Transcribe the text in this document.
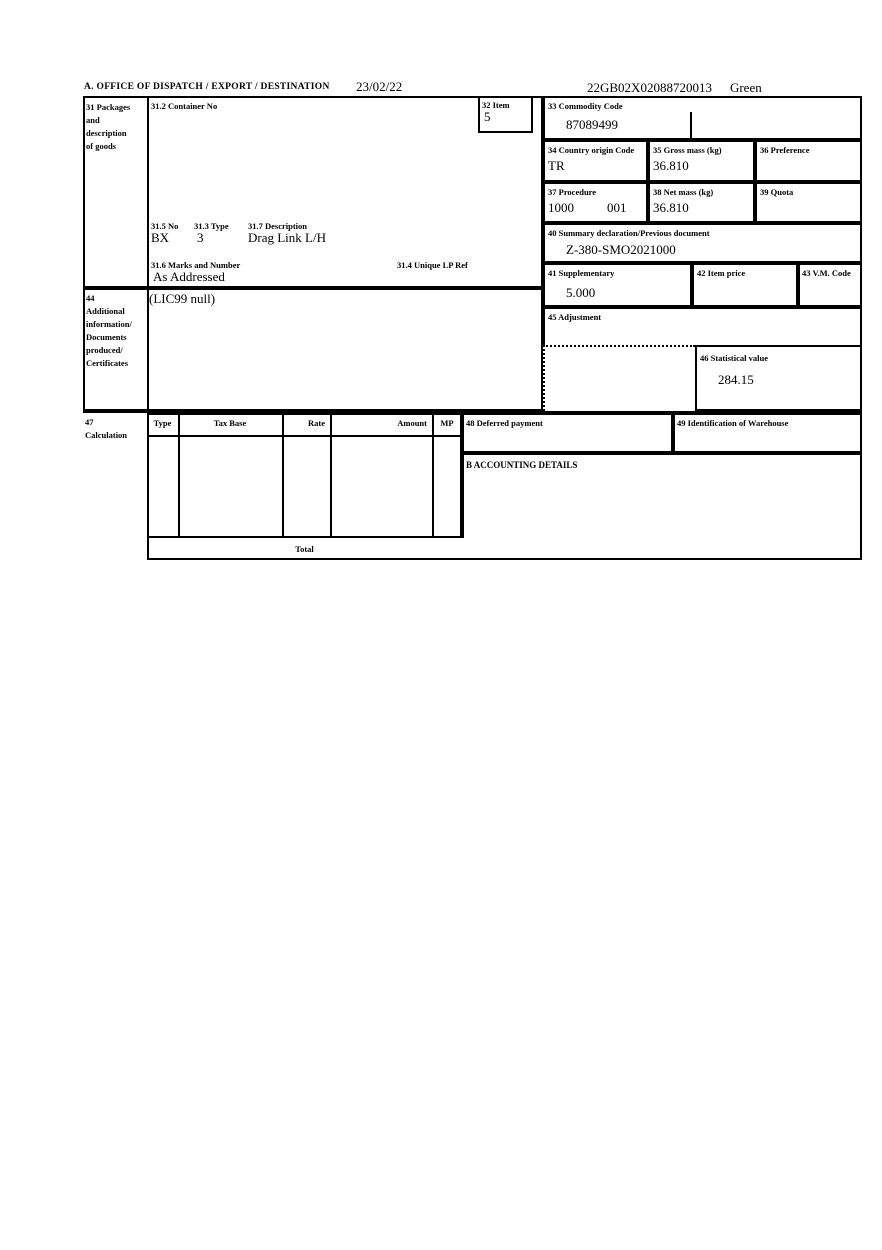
A. OFFICE OF DISPATCH / EXPORT / DESTINATION 23/02/22	22GB02X02088720013 Green
31 Packages
and
description
of goods
31.2 Container No	32 Item
5
33 Commodity Code
87089499
34 Country origin Code
TR
35 Gross mass (kg)
36.810
36 Preference
37 Procedure
1000	001
38 Net mass (kg)
36.810
39 Quota
31.5 No 31.3 Type 31.7 Description
BX 3	Drag Link L/H
31.6 Marks and Number	31.4 Unique LP Ref
As Addressed
40 Summary declaration/Previous document
Z-380-SMO2021000
41 Supplementary
5.000
42 Item price	43 V.M. Code
44
Additional
information/
Documents
produced/
Certificates
(LIC99 null)
45 Adjustment
46 Statistical value
284.15
47
Calculation
Type	Tax Base	Rate	Amount	MP
Total
48 Deferred payment	49 Identification of Warehouse
B ACCOUNTING DETAILS
